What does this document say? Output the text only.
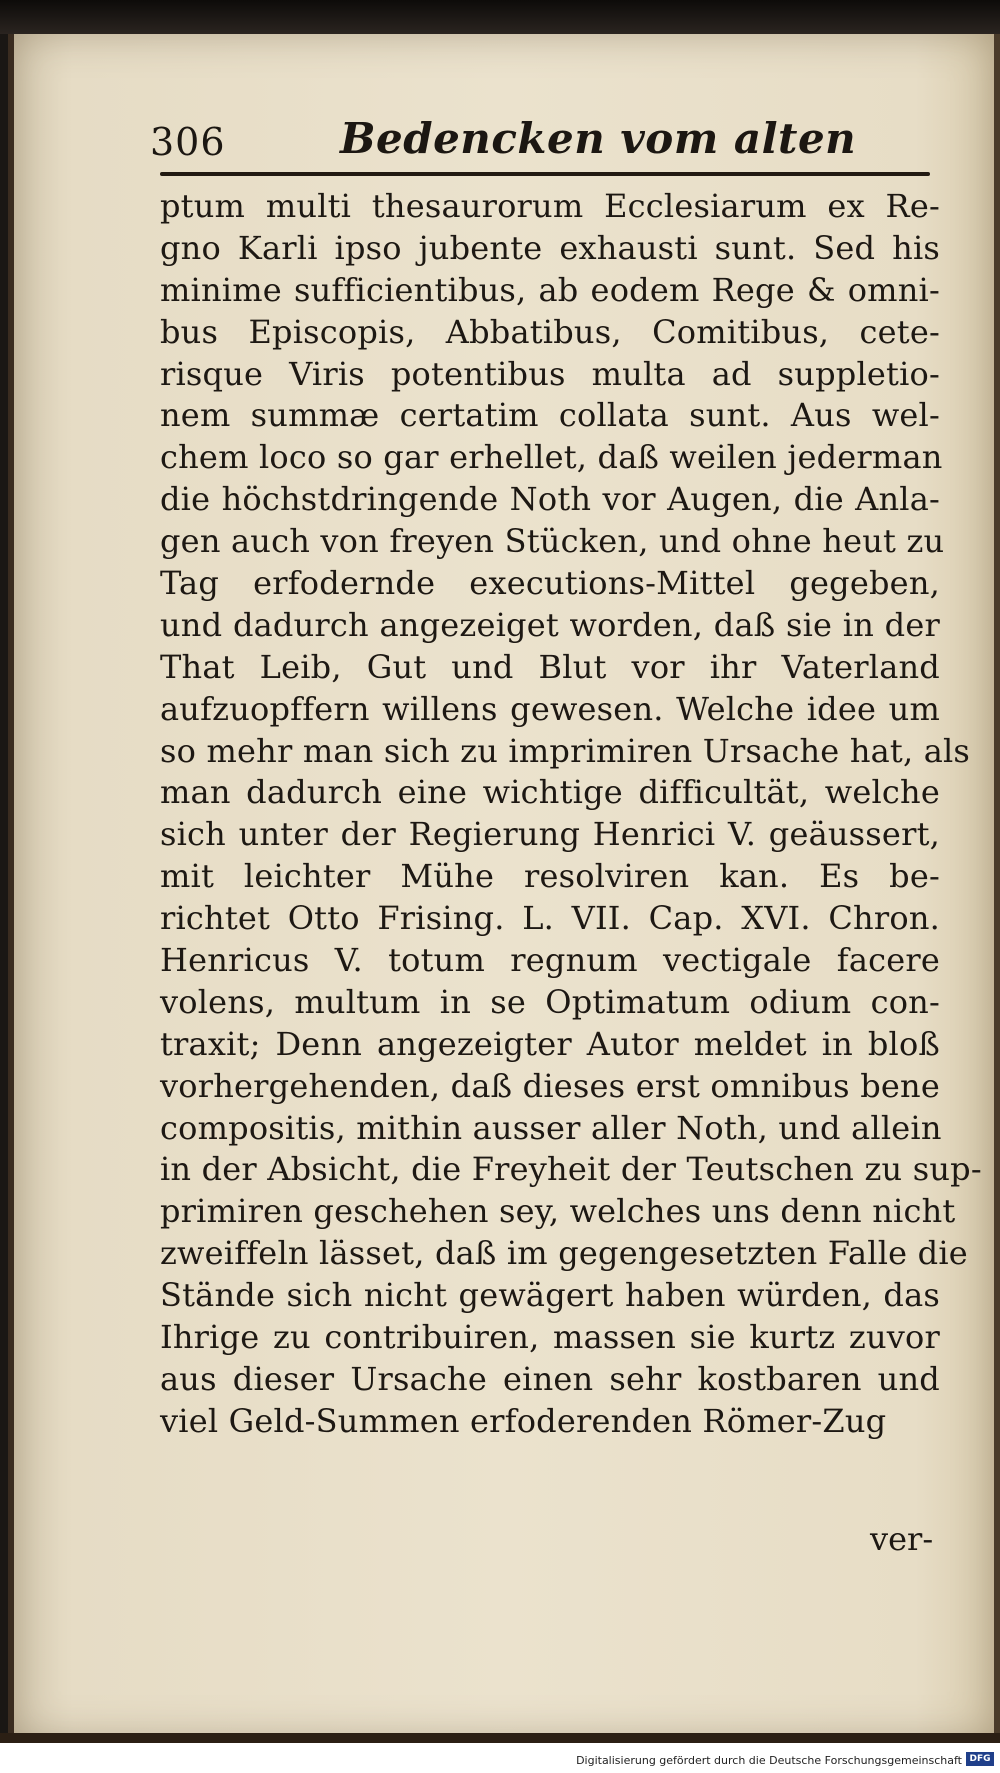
306	Bedencken vom alten
ptum multi thesaurorum Ecclesiarum ex Re-
gno Karli ipso jubente exhausti sunt. Sed his
minime sufficientibus, ab eodem Rege & omni-
bus Episcopis, Abbatibus, Comitibus, cete-
risque Viris potentibus multa ad suppletio-
nem summæ certatim collata sunt. Aus wel-
chem loco so gar erhellet, daß weilen jederman
die höchstdringende Noth vor Augen, die Anla-
gen auch von freyen Stücken, und ohne heut zu
Tag erfodernde executions-Mittel gegeben,
und dadurch angezeiget worden, daß sie in der
That Leib, Gut und Blut vor ihr Vaterland
aufzuopffern willens gewesen. Welche idee um
so mehr man sich zu imprimiren Ursache hat, als
man dadurch eine wichtige difficultät, welche
sich unter der Regierung Henrici V. geäussert,
mit leichter Mühe resolviren kan. Es be-
richtet Otto Frising. L. VII. Cap. XVI. Chron.
Henricus V. totum regnum vectigale facere
volens, multum in se Optimatum odium con-
traxit; Denn angezeigter Autor meldet in bloß
vorhergehenden, daß dieses erst omnibus bene
compositis, mithin ausser aller Noth, und allein
in der Absicht, die Freyheit der Teutschen zu sup-
primiren geschehen sey, welches uns denn nicht
zweiffeln lässet, daß im gegengesetzten Falle die
Stände sich nicht gewägert haben würden, das
Ihrige zu contribuiren, massen sie kurtz zuvor
aus dieser Ursache einen sehr kostbaren und
viel Geld-Summen erfoderenden Römer-Zug
ver-
Digitalisierung gefördert durch die Deutsche Forschungsgemeinschaft DFG
